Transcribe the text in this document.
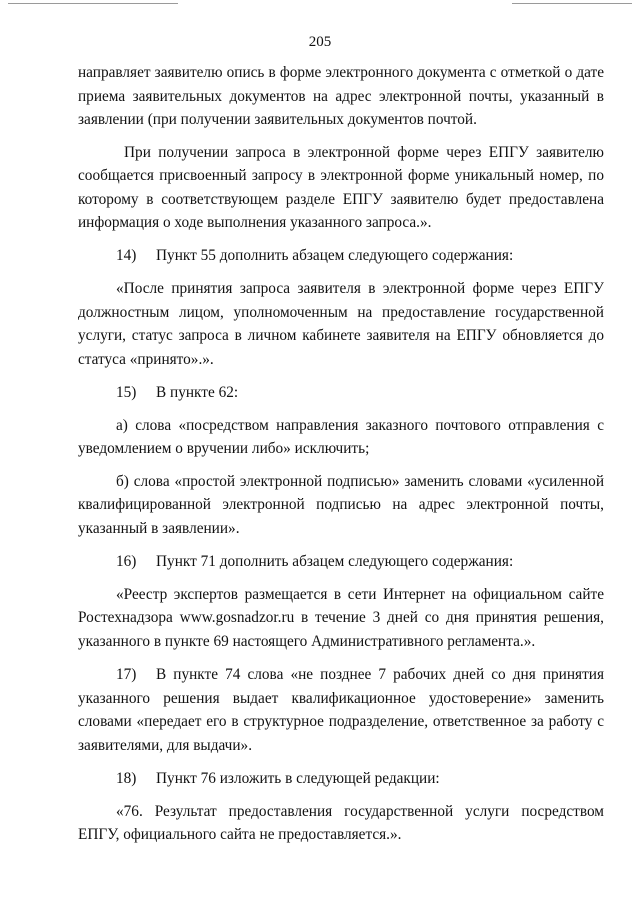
205

направляет заявителю опись в форме электронного документа с отметкой о дате приема заявительных документов на адрес электронной почты, указанный в заявлении (при получении заявительных документов почтой.

При получении запроса в электронной форме через ЕПГУ заявителю сообщается присвоенный запросу в электронной форме уникальный номер, по которому в соответствующем разделе ЕПГУ заявителю будет предоставлена информация о ходе выполнения указанного запроса.».

14) Пункт 55 дополнить абзацем следующего содержания:

«После принятия запроса заявителя в электронной форме через ЕПГУ должностным лицом, уполномоченным на предоставление государственной услуги, статус запроса в личном кабинете заявителя на ЕПГУ обновляется до статуса «принято».».

15) В пункте 62:

а) слова «посредством направления заказного почтового отправления с уведомлением о вручении либо» исключить;

б) слова «простой электронной подписью» заменить словами «усиленной квалифицированной электронной подписью на адрес электронной почты, указанный в заявлении».

16) Пункт 71 дополнить абзацем следующего содержания:

«Реестр экспертов размещается в сети Интернет на официальном сайте Ростехнадзора www.gosnadzor.ru в течение 3 дней со дня принятия решения, указанного в пункте 69 настоящего Административного регламента.».

17) В пункте 74 слова «не позднее 7 рабочих дней со дня принятия указанного решения выдает квалификационное удостоверение» заменить словами «передает его в структурное подразделение, ответственное за работу с заявителями, для выдачи».

18) Пункт 76 изложить в следующей редакции:

«76. Результат предоставления государственной услуги посредством ЕПГУ, официального сайта не предоставляется.».
